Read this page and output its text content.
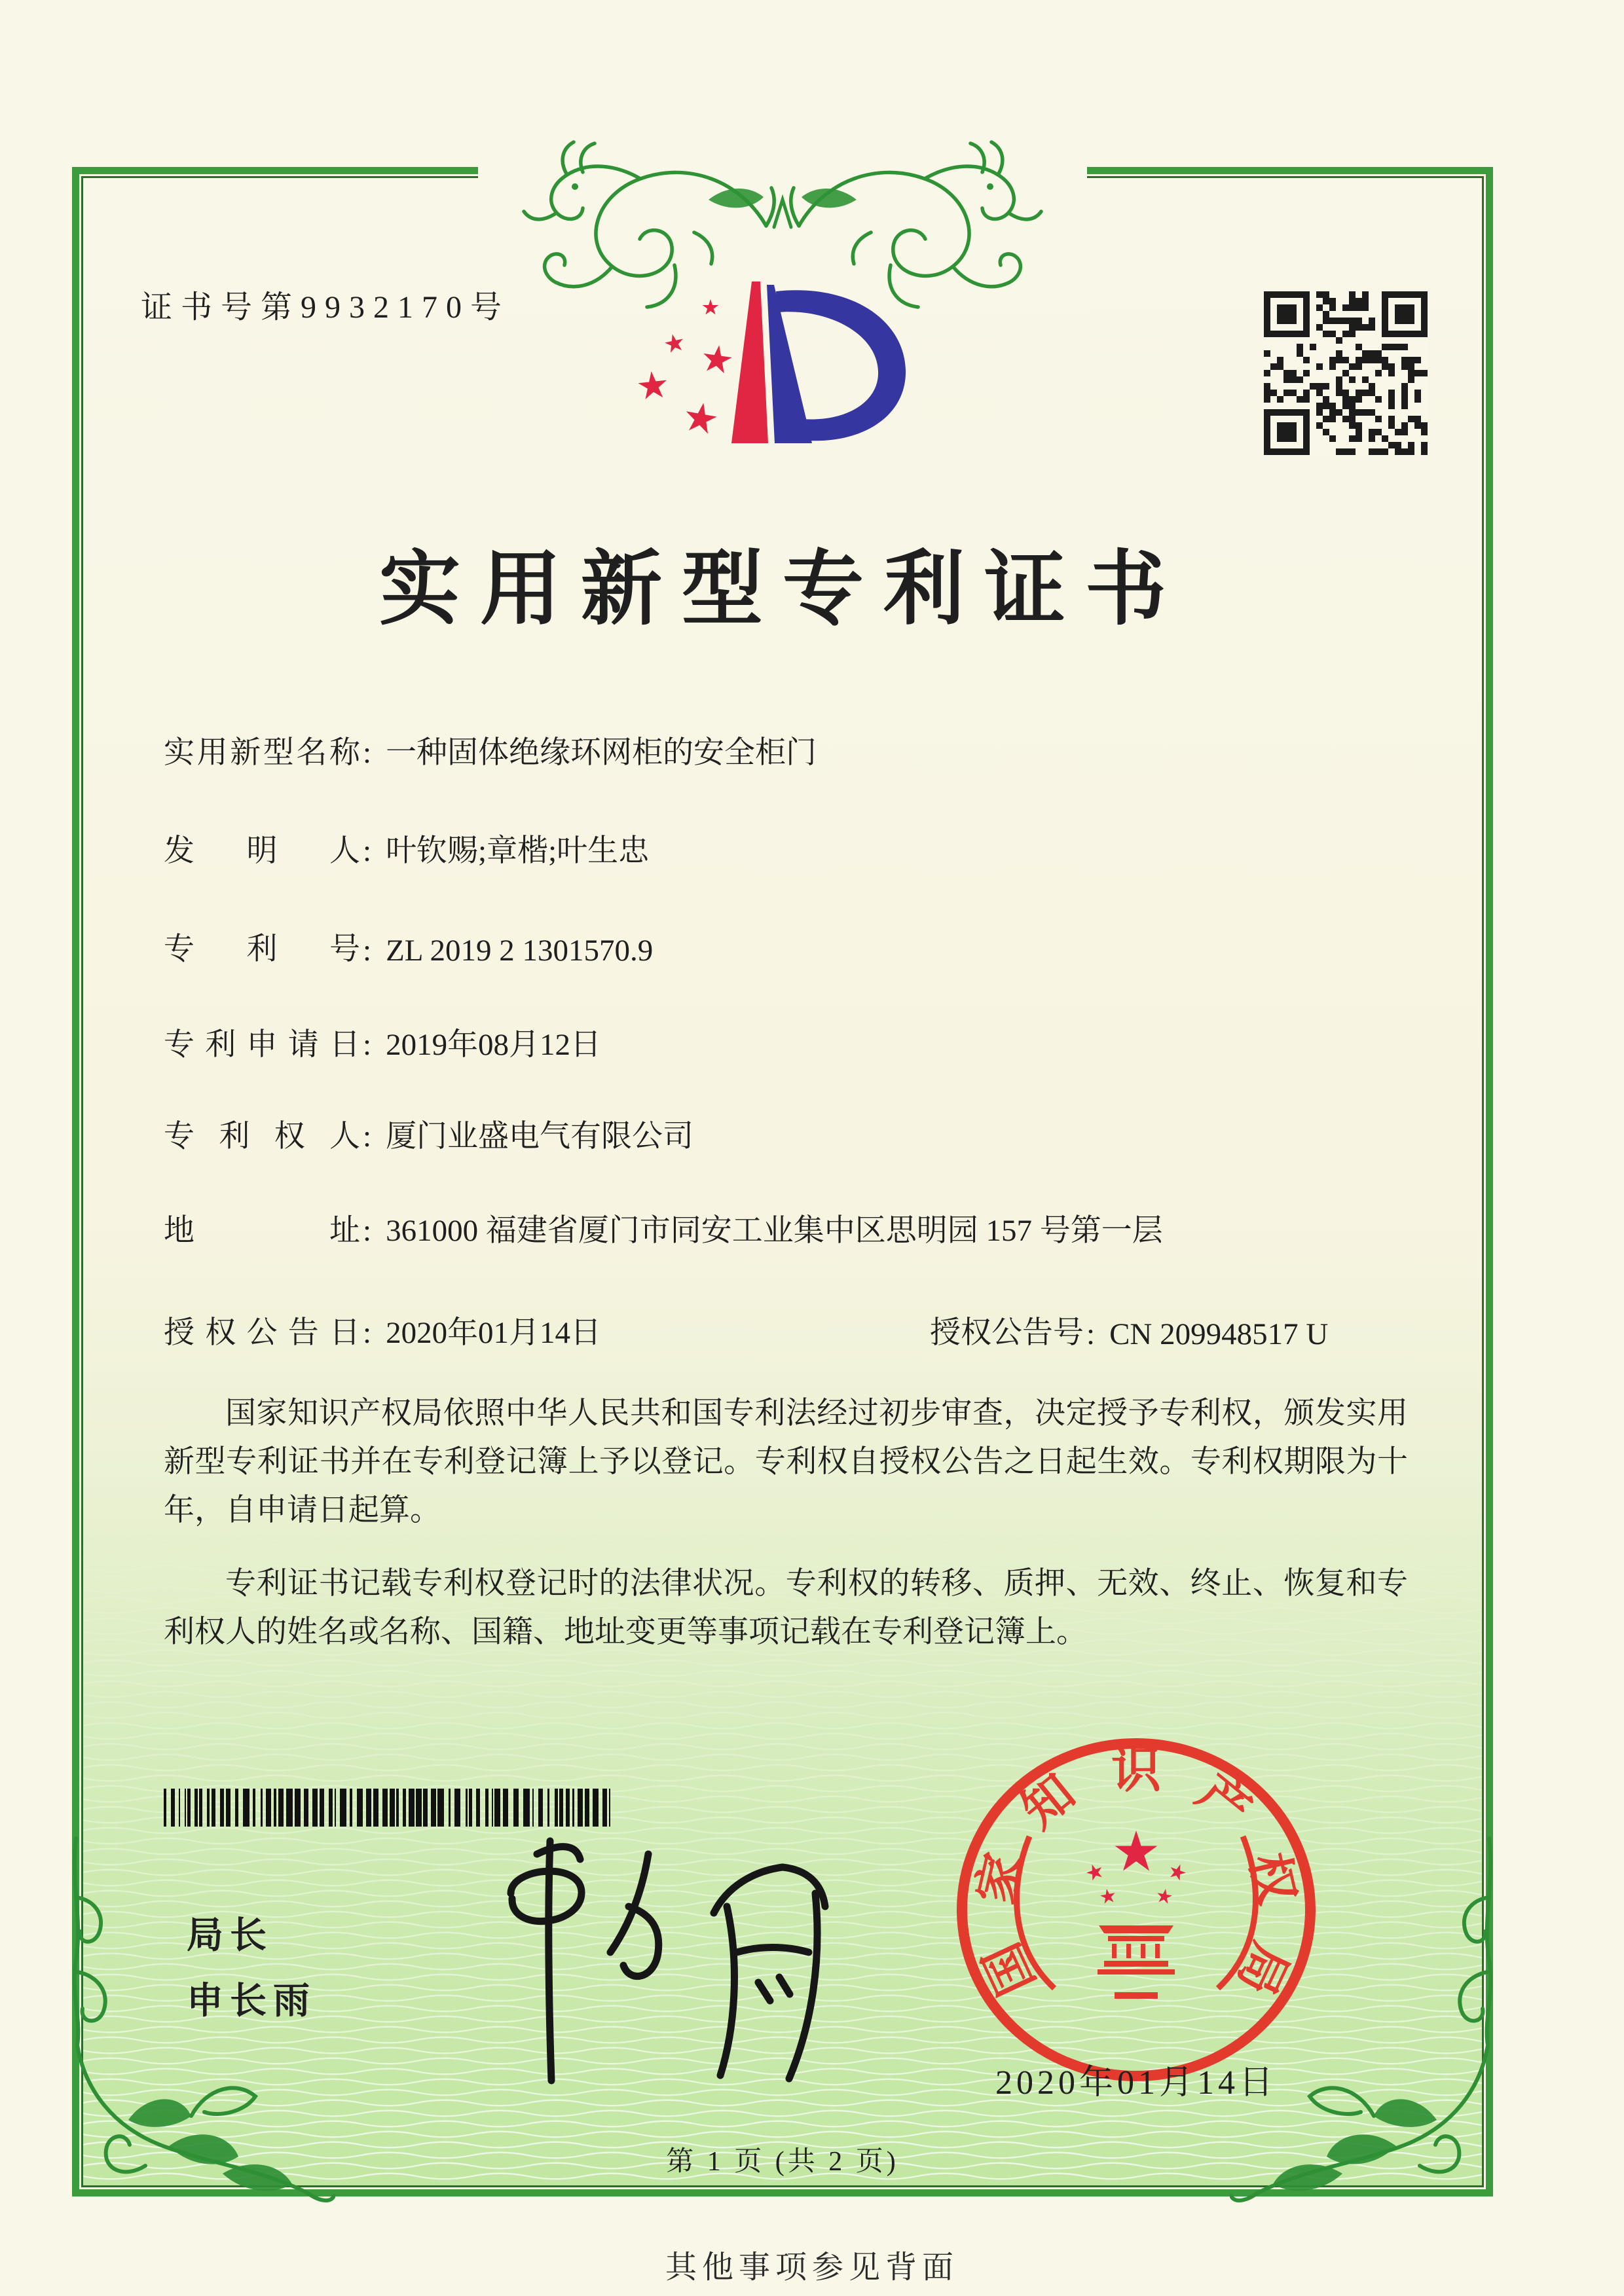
证书号第9932170号
实用新型专利证书
实用新型名称: 一种固体绝缘环网柜的安全柜门
发明人: 叶钦赐;章楷;叶生忠
专利号: ZL 2019 2 1301570.9
专利申请日: 2019年08月12日
专利权人: 厦门业盛电气有限公司
地址: 361000 福建省厦门市同安工业集中区思明园 157 号第一层
授权公告日: 2020年01月14日	授权公告号: CN 209948517 U

国家知识产权局依照中华人民共和国专利法经过初步审查，决定授予专利权，颁发实用新型专利证书并在专利登记簿上予以登记。专利权自授权公告之日起生效。专利权期限为十年，自申请日起算。

专利证书记载专利权登记时的法律状况。专利权的转移、质押、无效、终止、恢复和专利权人的姓名或名称、国籍、地址变更等事项记载在专利登记簿上。

局长
申长雨	国
家
知 识 产
权
局
2020年01月14日
第 1 页 (共 2 页)
其他事项参见背面
